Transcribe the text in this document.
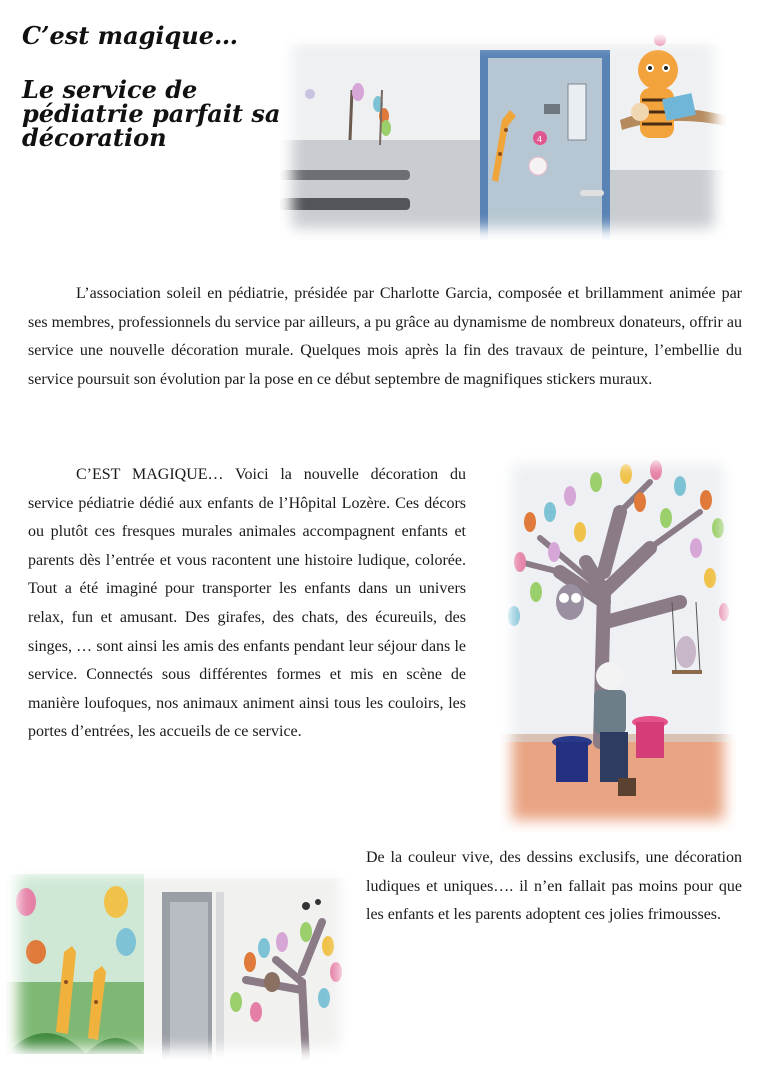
C’est magique…
Le service de
pédiatrie parfait sa
décoration	4

L’association soleil en pédiatrie, présidée par Charlotte Garcia, composée et brillamment animée par ses membres, professionnels du service par ailleurs, a pu grâce au dynamisme de nombreux donateurs, offrir au service une nouvelle décoration murale. Quelques mois après la fin des travaux de peinture, l’embellie du service poursuit son évolution par la pose en ce début septembre de magnifiques stickers muraux.

C’EST MAGIQUE… Voici la nouvelle décoration du service pédiatrie dédié aux enfants de l’Hôpital Lozère. Ces décors ou plutôt ces fresques murales animales accompagnent enfants et parents dès l’entrée et vous racontent une histoire ludique, colorée. Tout a été imaginé pour transporter les enfants dans un univers relax, fun et amusant. Des girafes, des chats, des écureuils, des singes, … sont ainsi les amis des enfants pendant leur séjour dans le service. Connectés sous différentes formes et mis en scène de manière loufoques, nos animaux animent ainsi tous les couloirs, les portes d’entrées, les accueils de ce service.

De la couleur vive, des dessins exclusifs, une décoration ludiques et uniques…. il n’en fallait pas moins pour que les enfants et les parents adoptent ces jolies frimousses.
